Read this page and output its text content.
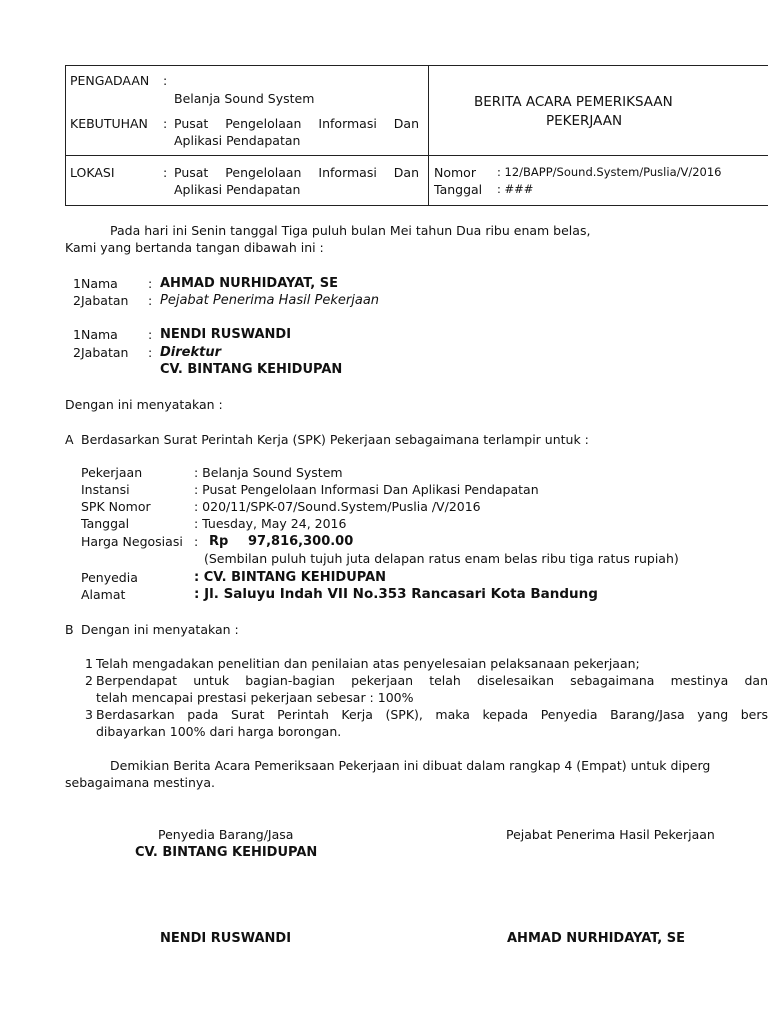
PENGADAAN :
Belanja Sound System
KEBUTUHAN : Pusat Pengelolaan Informasi Dan
Aplikasi Pendapatan
LOKASI	: Pusat Pengelolaan Informasi Dan
Aplikasi Pendapatan
BERITA ACARA PEMERIKSAAN
PEKERJAAN
Nomor : 12/BAPP/Sound.System/Puslia/V/2016
Tanggal : ###
Pada hari ini Senin tanggal Tiga puluh bulan Mei tahun Dua ribu enam belas,
Kami yang bertanda tangan dibawah ini :
1 Nama : AHMAD NURHIDAYAT, SE
2 Jabatan : Pejabat Penerima Hasil Pekerjaan
1 Nama : NENDI RUSWANDI
2 Jabatan : Direktur
CV. BINTANG KEHIDUPAN
Dengan ini menyatakan :
A Berdasarkan Surat Perintah Kerja (SPK) Pekerjaan sebagaimana terlampir untuk :
Pekerjaan	: Belanja Sound System
Instansi	: Pusat Pengelolaan Informasi Dan Aplikasi Pendapatan
SPK Nomor	: 020/11/SPK-07/Sound.System/Puslia /V/2016
Tanggal	: Tuesday, May 24, 2016
Harga Negosiasi : Rp 97,816,300.00
(Sembilan puluh tujuh juta delapan ratus enam belas ribu tiga ratus rupiah)
Penyedia	: CV. BINTANG KEHIDUPAN
Alamat	: Jl. Saluyu Indah VII No.353 Rancasari Kota Bandung
B Dengan ini menyatakan :
1 Telah mengadakan penelitian dan penilaian atas penyelesaian pelaksanaan pekerjaan;
2 Berpendapat untuk bagian-bagian pekerjaan telah diselesaikan sebagaimana mestinya dan
telah mencapai prestasi pekerjaan sebesar : 100%
3 Berdasarkan pada Surat Perintah Kerja (SPK), maka kepada Penyedia Barang/Jasa yang bers
dibayarkan 100% dari harga borongan.
Demikian Berita Acara Pemeriksaan Pekerjaan ini dibuat dalam rangkap 4 (Empat) untuk diperg
sebagaimana mestinya.
Penyedia Barang/Jasa
CV. BINTANG KEHIDUPAN
NENDI RUSWANDI
Pejabat Penerima Hasil Pekerjaan
AHMAD NURHIDAYAT, SE
